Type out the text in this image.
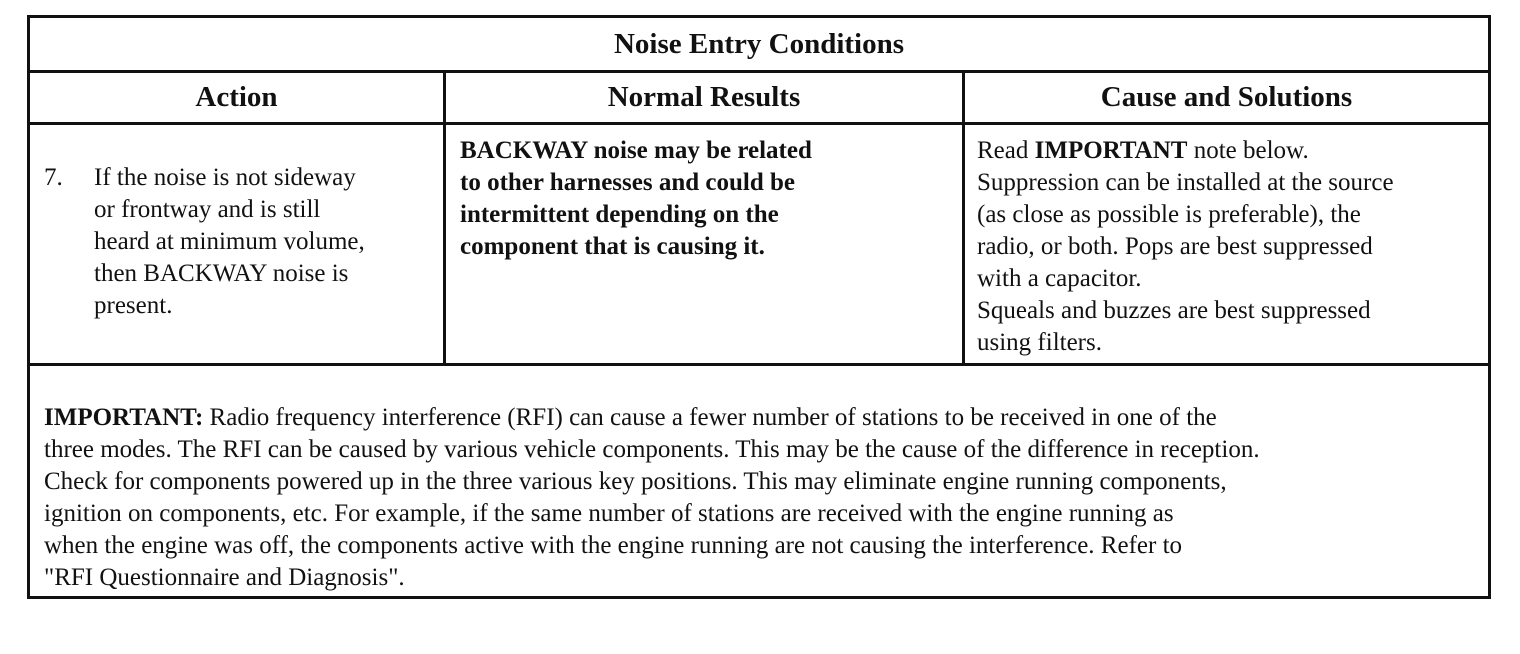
Noise Entry Conditions
Action	Normal Results	Cause and Solutions
7. If the noise is not sideway
or frontway and is still
heard at minimum volume,
then BACKWAY noise is
present.
BACKWAY noise may be related
to other harnesses and could be
intermittent depending on the
component that is causing it.
Read IMPORTANT note below.
Suppression can be installed at the source
(as close as possible is preferable), the
radio, or both. Pops are best suppressed
with a capacitor.
Squeals and buzzes are best suppressed
using filters.
IMPORTANT: Radio frequency interference (RFI) can cause a fewer number of stations to be received in one of the
three modes. The RFI can be caused by various vehicle components. This may be the cause of the difference in reception.
Check for components powered up in the three various key positions. This may eliminate engine running components,
ignition on components, etc. For example, if the same number of stations are received with the engine running as
when the engine was off, the components active with the engine running are not causing the interference. Refer to
"RFI Questionnaire and Diagnosis".
